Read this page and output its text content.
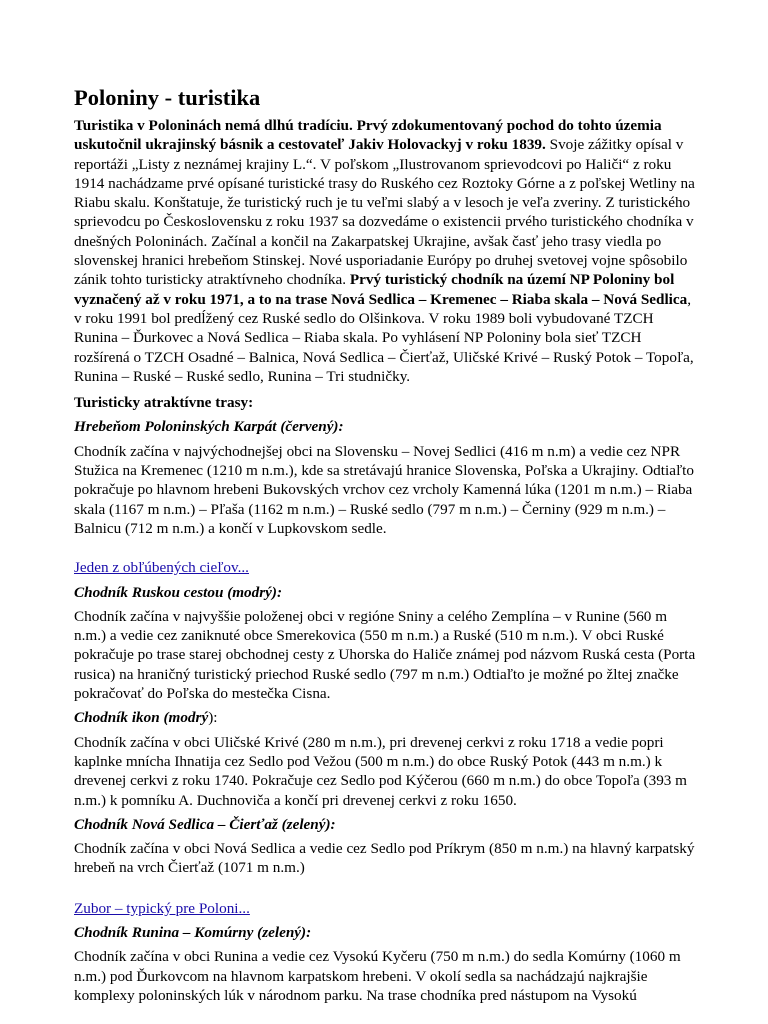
Poloniny - turistika

Turistika v Poloninách nemá dlhú tradíciu. Prvý zdokumentovaný pochod do tohto územia uskutočnil ukrajinský básnik a cestovateľ Jakiv Holovackyj v roku 1839. Svoje zážitky opísal v reportáži „Listy z neznámej krajiny L.“. V poľskom „Ilustrovanom sprievodcovi po Haliči“ z roku 1914 nachádzame prvé opísané turistické trasy do Ruského cez Roztoky Górne a z poľskej Wetliny na Riabu skalu. Konštatuje, že turistický ruch je tu veľmi slabý a v lesoch je veľa zveriny. Z turistického sprievodcu po Československu z roku 1937 sa dozvedáme o existencii prvého turistického chodníka v dnešných Poloninách. Začínal a končil na Zakarpatskej Ukrajine, avšak časť jeho trasy viedla po slovenskej hranici hrebeňom Stinskej. Nové usporiadanie Európy po druhej svetovej vojne spôsobilo zánik tohto turisticky atraktívneho chodníka. Prvý turistický chodník na území NP Poloniny bol vyznačený až v roku 1971, a to na trase Nová Sedlica – Kremenec – Riaba skala – Nová Sedlica, v roku 1991 bol predĺžený cez Ruské sedlo do Olšinkova. V roku 1989 boli vybudované TZCH Runina – Ďurkovec a Nová Sedlica – Riaba skala. Po vyhlásení NP Poloniny bola sieť TZCH rozšírená o TZCH Osadné – Balnica, Nová Sedlica – Čierťaž, Uličské Krivé – Ruský Potok – Topoľa, Runina – Ruské – Ruské sedlo, Runina – Tri studničky.

Turisticky atraktívne trasy:

Hrebeňom Poloninských Karpát (červený):

Chodník začína v najvýchodnejšej obci na Slovensku – Novej Sedlici (416 m n.m) a vedie cez NPR Stužica na Kremenec (1210 m n.m.), kde sa stretávajú hranice Slovenska, Poľska a Ukrajiny. Odtiaľto pokračuje po hlavnom hrebeni Bukovských vrchov cez vrcholy Kamenná lúka (1201 m n.m.) – Riaba skala (1167 m n.m.) – Pľaša (1162 m n.m.) – Ruské sedlo (797 m n.m.) – Černiny (929 m n.m.) – Balnicu (712 m n.m.) a končí v Lupkovskom sedle.

Jeden z obľúbených cieľov...

Chodník Ruskou cestou (modrý):

Chodník začína v najvyššie položenej obci v regióne Sniny a celého Zemplína – v Runine (560 m n.m.) a vedie cez zaniknuté obce Smerekovica (550 m n.m.) a Ruské (510 m n.m.). V obci Ruské pokračuje po trase starej obchodnej cesty z Uhorska do Haliče známej pod názvom Ruská cesta (Porta rusica) na hraničný turistický priechod Ruské sedlo (797 m n.m.) Odtiaľto je možné po žltej značke pokračovať do Poľska do mestečka Cisna.

Chodník ikon (modrý):

Chodník začína v obci Uličské Krivé (280 m n.m.), pri drevenej cerkvi z roku 1718 a vedie popri kaplnke mnícha Ihnatija cez Sedlo pod Vežou (500 m n.m.) do obce Ruský Potok (443 m n.m.) k drevenej cerkvi z roku 1740. Pokračuje cez Sedlo pod Kýčerou (660 m n.m.) do obce Topoľa (393 m n.m.) k pomníku A. Duchnoviča a končí pri drevenej cerkvi z roku 1650.

Chodník Nová Sedlica – Čierťaž (zelený):

Chodník začína v obci Nová Sedlica a vedie cez Sedlo pod Príkrym (850 m n.m.) na hlavný karpatský hrebeň na vrch Čierťaž (1071 m n.m.)

Zubor – typický pre Poloni...

Chodník Runina – Komúrny (zelený):

Chodník začína v obci Runina a vedie cez Vysokú Kyčeru (750 m n.m.) do sedla Komúrny (1060 m n.m.) pod Ďurkovcom na hlavnom karpatskom hrebeni. V okolí sedla sa nachádzajú najkrajšie komplexy poloninských lúk v národnom parku. Na trase chodníka pred nástupom na Vysokú
